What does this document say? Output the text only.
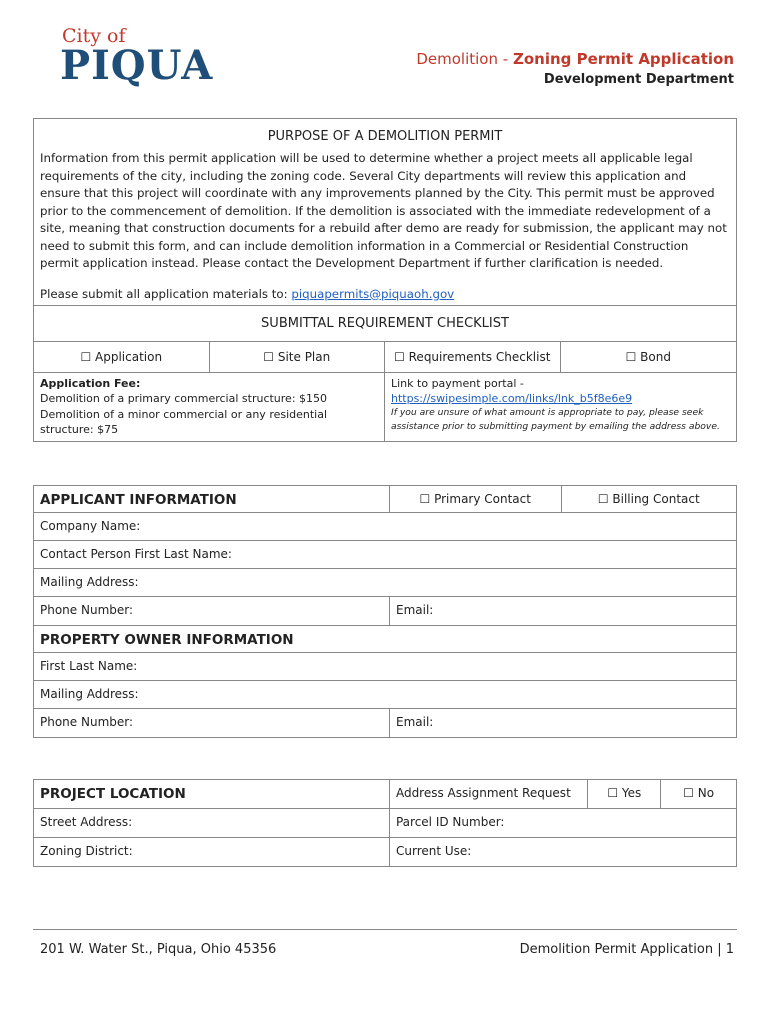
City of
PIQUA	Demolition - Zoning Permit Application
Development Department
PURPOSE OF A DEMOLITION PERMIT
Information from this permit application will be used to determine whether a project meets all applicable legal requirements of the city, including the zoning code. Several City departments will review this application and ensure that this project will coordinate with any improvements planned by the City. This permit must be approved prior to the commencement of demolition. If the demolition is associated with the immediate redevelopment of a site, meaning that construction documents for a rebuild after demo are ready for submission, the applicant may not need to submit this form, and can include demolition information in a Commercial or Residential Construction permit application instead. Please contact the Development Department if further clarification is needed.
Please submit all application materials to: piquapermits@piquaoh.gov
SUBMITTAL REQUIREMENT CHECKLIST
☐ Application	☐ Site Plan	☐ Requirements Checklist	☐ Bond
Application Fee:
Demolition of a primary commercial structure: $150
Demolition of a minor commercial or any residential structure: $75
Link to payment portal -
https://swipesimple.com/links/lnk_b5f8e6e9
If you are unsure of what amount is appropriate to pay, please seek assistance prior to submitting payment by emailing the address above.
APPLICANT INFORMATION	☐ Primary Contact	☐ Billing Contact
Company Name:
Contact Person First Last Name:
Mailing Address:
Phone Number:	Email:
PROPERTY OWNER INFORMATION
First Last Name:
Mailing Address:
Phone Number:	Email:
PROJECT LOCATION	Address Assignment Request	☐ Yes	☐ No
Street Address:	Parcel ID Number:
Zoning District:	Current Use:
201 W. Water St., Piqua, Ohio 45356	Demolition Permit Application | 1
